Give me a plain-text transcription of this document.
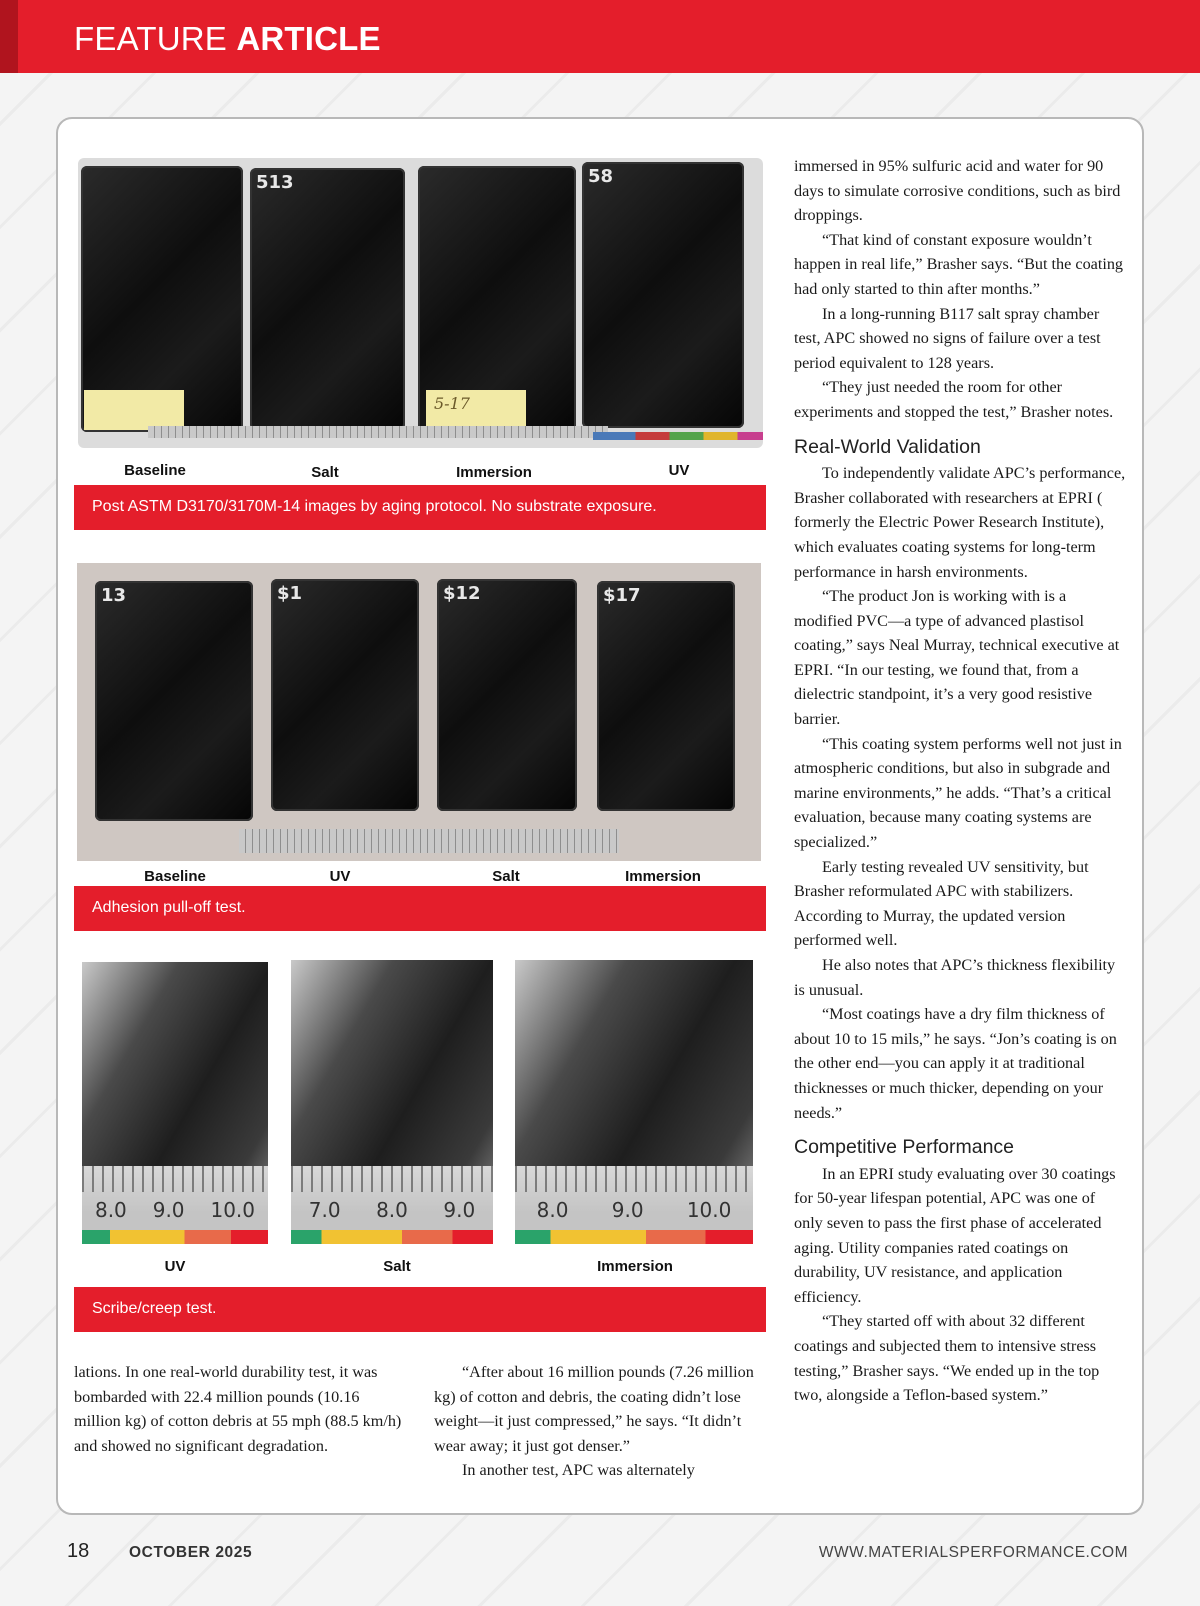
FEATURE ARTICLE
513
5-17
58
Baseline	Salt	Immersion	UV
Post ASTM D3170/3170M-14 images by aging protocol. No substrate exposure.
13	$1	$12	$17
Baseline	UV	Salt	Immersion
Adhesion pull-off test.
8.0 9.0 10.0	7.0 8.0 9.0	8.0 9.0 10.0
UV	Salt	Immersion
Scribe/creep test.

lations. In one real-world durability test, it was bombarded with 22.4 million pounds (10.16 million kg) of cotton debris at 55 mph (88.5 km/h) and showed no significant degradation.

“After about 16 million pounds (7.26 million kg) of cotton and debris, the coating didn’t lose weight—it just compressed,” he says. “It didn’t wear away; it just got denser.”

In another test, APC was alternately

immersed in 95% sulfuric acid and water for 90 days to simulate corrosive conditions, such as bird droppings.

“That kind of constant exposure wouldn’t happen in real life,” Brasher says. “But the coating had only started to thin after months.”

In a long-running B117 salt spray chamber test, APC showed no signs of failure over a test period equivalent to 128 years.

“They just needed the room for other experiments and stopped the test,” Brasher notes.

Real-World Validation

To independently validate APC’s performance, Brasher collaborated with researchers at EPRI ( formerly the Electric Power Research Institute), which evaluates coating systems for long-term performance in harsh environments.

“The product Jon is working with is a modified PVC—a type of advanced plastisol coating,” says Neal Murray, technical executive at EPRI. “In our testing, we found that, from a dielectric standpoint, it’s a very good resistive barrier.

“This coating system performs well not just in atmospheric conditions, but also in subgrade and marine environments,” he adds. “That’s a critical evaluation, because many coating systems are specialized.”

Early testing revealed UV sensitivity, but Brasher reformulated APC with stabilizers. According to Murray, the updated version performed well.

He also notes that APC’s thickness flexibility is unusual.

“Most coatings have a dry film thickness of about 10 to 15 mils,” he says. “Jon’s coating is on the other end—you can apply it at traditional thicknesses or much thicker, depending on your needs.”

Competitive Performance

In an EPRI study evaluating over 30 coatings for 50-year lifespan potential, APC was one of only seven to pass the first phase of accelerated aging. Utility companies rated coatings on durability, UV resistance, and application efficiency.

“They started off with about 32 different coatings and subjected them to intensive stress testing,” Brasher says. “We ended up in the top two, alongside a Teflon-based system.”

18	OCTOBER 2025	WWW.MATERIALSPERFORMANCE.COM
